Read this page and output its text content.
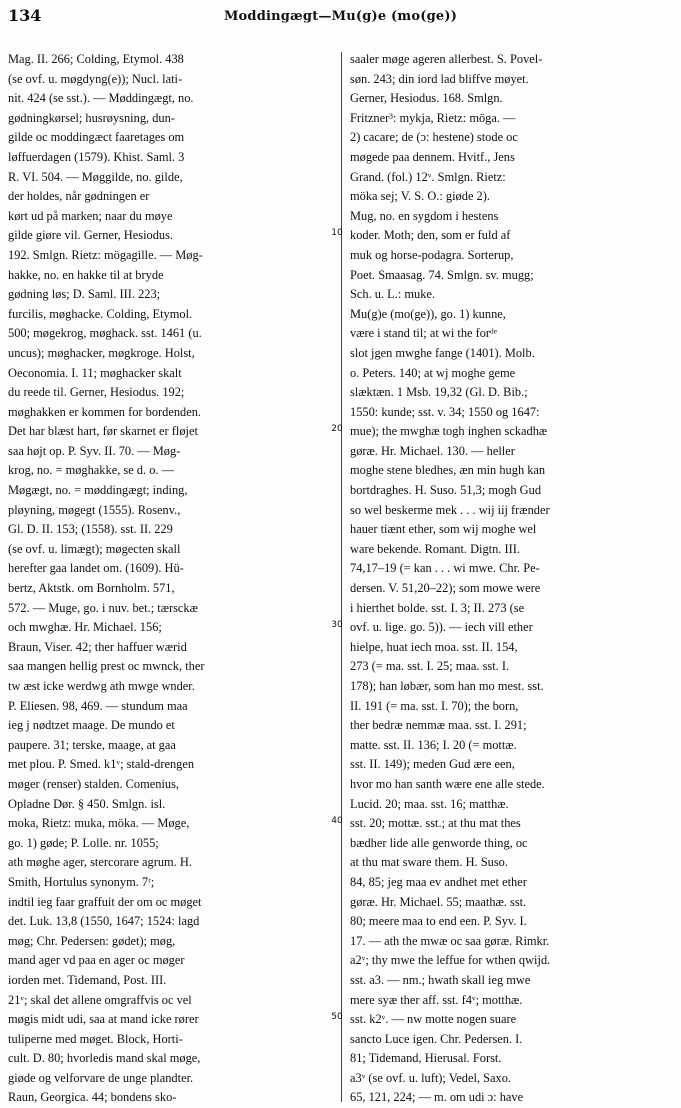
134	Moddingægt—Mu(g)e (mo(ge))
Mag. II. 266; Colding, Etymol. 438
(se ovf. u. møgdyng(e)); Nucl. lati-
nit. 424 (se sst.). — Møddingægt, no.
gødningkørsel; husrøysning, dun-
gilde oc moddingæct faaretages om
løffuerdagen (1579). Khist. Saml. 3
R. VI. 504. — Møggilde, no. gilde,
der holdes, når gødningen er
kørt ud på marken; naar du møye
gilde giøre vil. Gerner, Hesiodus.
192. Smlgn. Rietz: mögagille. — Møg-
hakke, no. en hakke til at bryde
gødning løs; D. Saml. III. 223;
furcilis, møghacke. Colding, Etymol.
500; møgekrog, møghack. sst. 1461 (u.
uncus); møghacker, møgkroge. Holst,
Oeconomia. I. 11; møghacker skalt
du reede til. Gerner, Hesiodus. 192;
møghakken er kommen for bordenden.
Det har blæst hart, før skarnet er fløjet
saa højt op. P. Syv. II. 70. — Møg-
krog, no. = møghakke, se d. o. —
Møgægt, no. = møddingægt; inding,
pløyning, møgegt (1555). Rosenv.,
Gl. D. II. 153; (1558). sst. II. 229
(se ovf. u. limægt); møgecten skall
herefter gaa landet om. (1609). Hü-
bertz, Aktstk. om Bornholm. 571,
572. — Muge, go. i nuv. bet.; tærsckæ
och mwghæ. Hr. Michael. 156;
Braun, Viser. 42; ther haffuer wærid
saa mangen hellig prest oc mwnck, ther
tw æst icke werdwg ath mwge wnder.
P. Eliesen. 98, 469. — stundum maa
ieg j nødtzet maage. De mundo et
paupere. 31; terske, maage, at gaa
met plou. P. Smed. k1ᵛ; stald-drengen
møger (renser) stalden. Comenius,
Opladne Dør. § 450. Smlgn. isl.
moka, Rietz: muka, möka. — Møge,
go. 1) gøde; P. Lolle. nr. 1055;
ath møghe ager, stercorare agrum. H.
Smith, Hortulus synonym. 7ʳ;
indtil ieg faar graffuit der om oc møget
det. Luk. 13,8 (1550, 1647; 1524: lagd
møg; Chr. Pedersen: gødet); møg,
mand ager vd paa en ager oc møger
iorden met. Tidemand, Post. III.
21ᵛ; skal det allene omgraffvis oc vel
møgis midt udi, saa at mand icke rører
tuliperne med møget. Block, Horti-
cult. D. 80; hvorledis mand skal møge,
giøde og velforvare de unge plandter.
Raun, Georgica. 44; bondens sko-
saaler møge ageren allerbest. S. Povel-
søn. 243; din iord lad bliffve møyet.
Gerner, Hesiodus. 168. Smlgn.
Fritzner³: mykja, Rietz: möga. —
2) cacare; de (ɔ: hestene) stode oc
møgede paa dennem. Hvitf., Jens
Grand. (fol.) 12ᵛ. Smlgn. Rietz:
möka sej; V. S. O.: giøde 2).
Mug, no. en sygdom i hestens
koder. Moth; den, som er fuld af
muk og horse-podagra. Sorterup,
Poet. Smaasag. 74. Smlgn. sv. mugg;
Sch. u. L.: muke.
Mu(g)e (mo(ge)), go. 1) kunne,
være i stand til; at wi the forᵈᵉ
slot jgen mwghe fange (1401). Molb.
o. Peters. 140; at wj moghe geme
slæktæn. 1 Msb. 19,32 (Gl. D. Bib.;
1550: kunde; sst. v. 34; 1550 og 1647:
mue); the mwghæ togh inghen sckadhæ
gøræ. Hr. Michael. 130. — heller
moghe stene bledhes, æn min hugh kan
bortdraghes. H. Suso. 51,3; mogh Gud
so wel beskerme mek . . . wij iij frænder
hauer tiænt ether, som wij moghe wel
ware bekende. Romant. Digtn. III.
74,17–19 (= kan . . . wi mwe. Chr. Pe-
dersen. V. 51,20–22); som mowe were
i hierthet bolde. sst. I. 3; II. 273 (se
ovf. u. lige. go. 5)). — iech vill ether
hielpe, huat iech moa. sst. II. 154,
273 (= ma. sst. I. 25; maa. sst. I.
178); han løbær, som han mo mest. sst.
II. 191 (= ma. sst. I. 70); the born,
ther bedræ nemmæ maa. sst. I. 291;
matte. sst. II. 136; I. 20 (= mottæ.
sst. II. 149); meden Gud ære een,
hvor mo han santh wære ene alle stede.
Lucid. 20; maa. sst. 16; matthæ.
sst. 20; mottæ. sst.; at thu mat thes
bædher lide alle genworde thing, oc
at thu mat sware them. H. Suso.
84, 85; jeg maa ev andhet met ether
gøræ. Hr. Michael. 55; maathæ. sst.
80; meere maa to end een. P. Syv. I.
17. — ath the mwæ oc saa gøræ. Rimkr.
a2ᵛ; thy mwe the leffue for wthen qwijd.
sst. a3. — nm.; hwath skall ieg mwe
mere syæ ther aff. sst. f4ᵛ; motthæ.
sst. k2ᵛ. — nw motte nogen suare
sancto Luce igen. Chr. Pedersen. I.
81; Tidemand, Hierusal. Forst.
a3ᵛ (se ovf. u. luft); Vedel, Saxo.
65, 121, 224; — m. om udi ɔ: have
10
20
30
40
50
